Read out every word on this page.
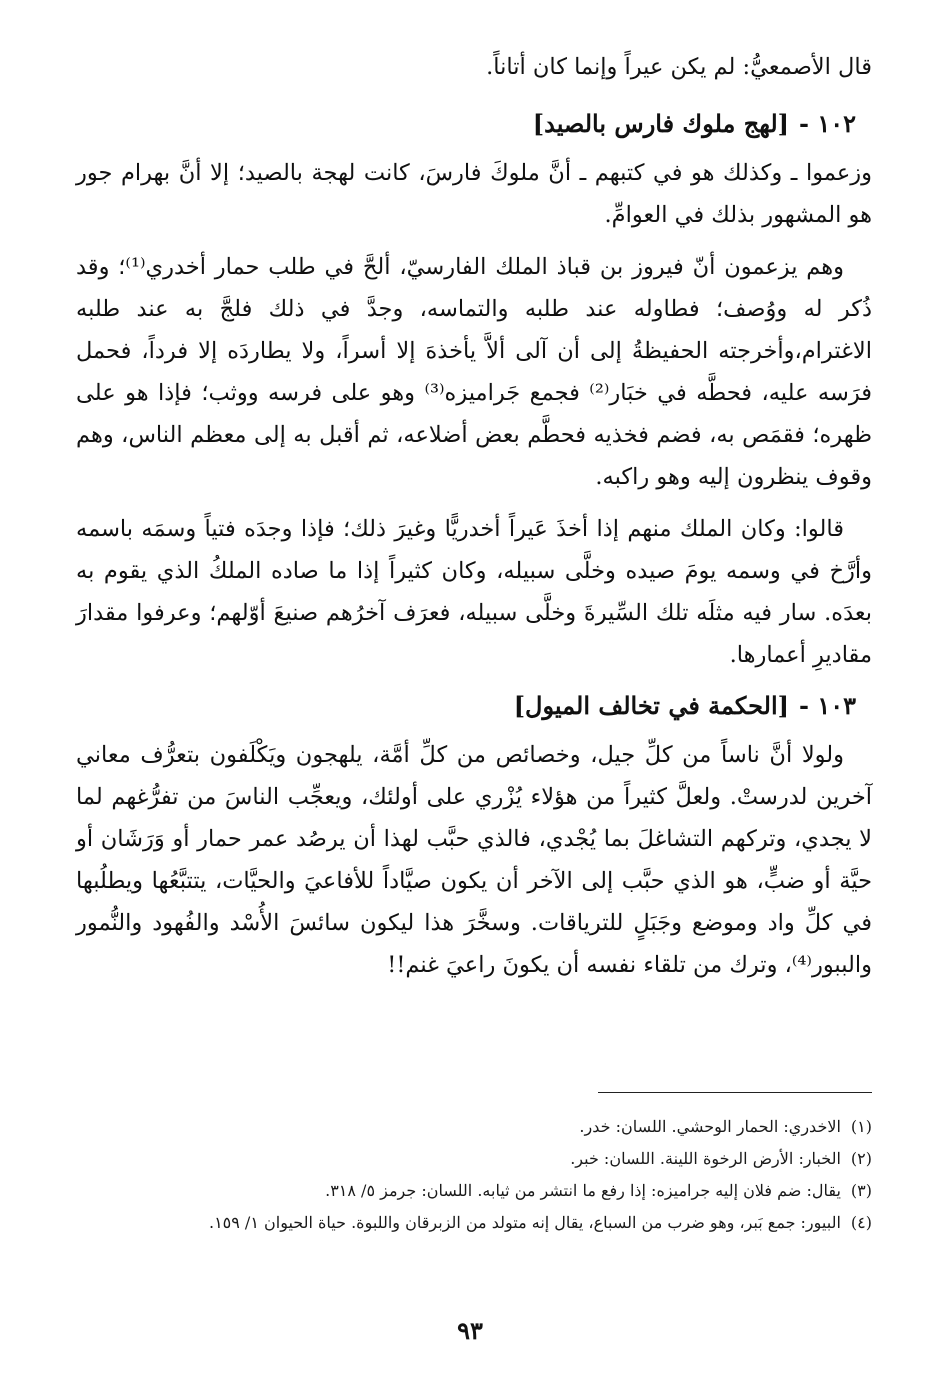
قال الأصمعيُّ: لم يكن عيراً وإنما كان أتاناً.

١٠٢ -[لهج ملوك فارس بالصيد]

وزعموا ـ وكذلك هو في كتبهم ـ أنَّ ملوكَ فارسَ، كانت لهجة بالصيد؛ إلا أنَّ بهرام جور هو المشهور بذلك في العوامِّ.

وهم يزعمون أنّ فيروز بن قباذ الملك الفارسيّ، ألحَّ في طلب حمار أخدري⁽¹⁾؛ وقد ذُكر له ووُصف؛ فطاوله عند طلبه والتماسه، وجدَّ في ذلك فلجَّ به عند طلبه الاغترام،وأخرجته الحفيظةُ إلى أن آلى ألاَّ يأخذهَ إلا أسراً، ولا يطاردَه إلا فرداً، فحمل فرَسه عليه، فحطَّه في خبَار⁽²⁾ فجمع جَراميزه⁽³⁾ وهو على فرسه ووثب؛ فإذا هو على ظهره؛ فقمَص به، فضم فخذيه فحطَّم بعض أضلاعه، ثم أقبل به إلى معظم الناس، وهم وقوف ينظرون إليه وهو راكبه.

قالوا: وكان الملك منهم إذا أخذَ عَيراً أخدريًّا وغيرَ ذلك؛ فإذا وجدَه فتياً وسمَه باسمه وأرَّخ في وسمه يومَ صيده وخلَّى سبيله، وكان كثيراً إذا ما صاده الملكُ الذي يقوم به بعدَه. سار فيه مثلَه تلك السِّيرةَ وخلَّى سبيله، فعرَف آخرُهم صنيعَ أوّلهم؛ وعرفوا مقدارَ مقاديرِ أعمارها.

١٠٣ -[الحكمة في تخالف الميول]

ولولا أنَّ ناساً من كلِّ جيل، وخصائص من كلِّ أمَّة، يلهجون ويَكْلَفون بتعرُّف معاني آخرين لدرستْ. ولعلَّ كثيراً من هؤلاء يُزْري على أولئك، ويعجِّب الناسَ من تفرُّغهم لما لا يجدي، وتركهم التشاغلَ بما يُجْدي، فالذي حبَّب لهذا أن يرصُد عمر حمار أو وَرَشَان أو حيَّة أو ضبٍّ، هو الذي حبَّب إلى الآخر أن يكون صيَّاداً للأفاعيَ والحيَّات، يتتبَّعُها ويطلُبها في كلِّ واد وموضع وجَبَلٍ للترياقات. وسخَّرَ هذا ليكون سائسَ الأُسْد والفُهود والنُّمور والببور⁽⁴⁾، وترك من تلقاء نفسه أن يكونَ راعيَ غنم!!

(١)
الاخدري: الحمار الوحشي. اللسان: خدر.
(٢)
الخبار: الأرض الرخوة اللينة. اللسان: خبر.
(٣)
يقال: ضم فلان إليه جراميزه: إذا رفع ما انتشر من ثيابه. اللسان: جرمز ٥/ ٣١٨.
(٤)
البيور: جمع بَبر، وهو ضرب من السباع، يقال إنه متولد من الزبرقان واللبوة. حياة الحيوان ١/ ١٥٩.
٩٣
